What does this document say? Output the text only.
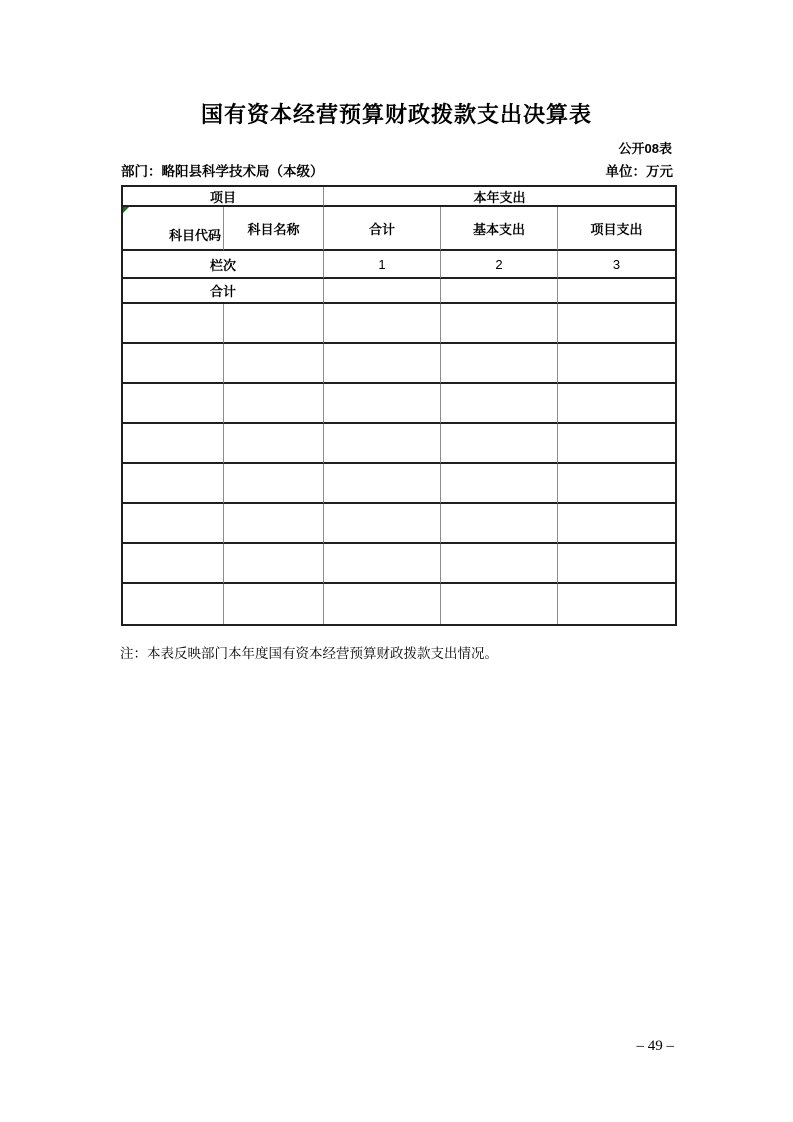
国有资本经营预算财政拨款支出决算表
公开08表
部门：略阳县科学技术局（本级）	单位：万元
项目	本年支出
科目代码	科目名称	合计	基本支出	项目支出
栏次	1	2	3
合计
注：本表反映部门本年度国有资本经营预算财政拨款支出情况。
– 49 –
